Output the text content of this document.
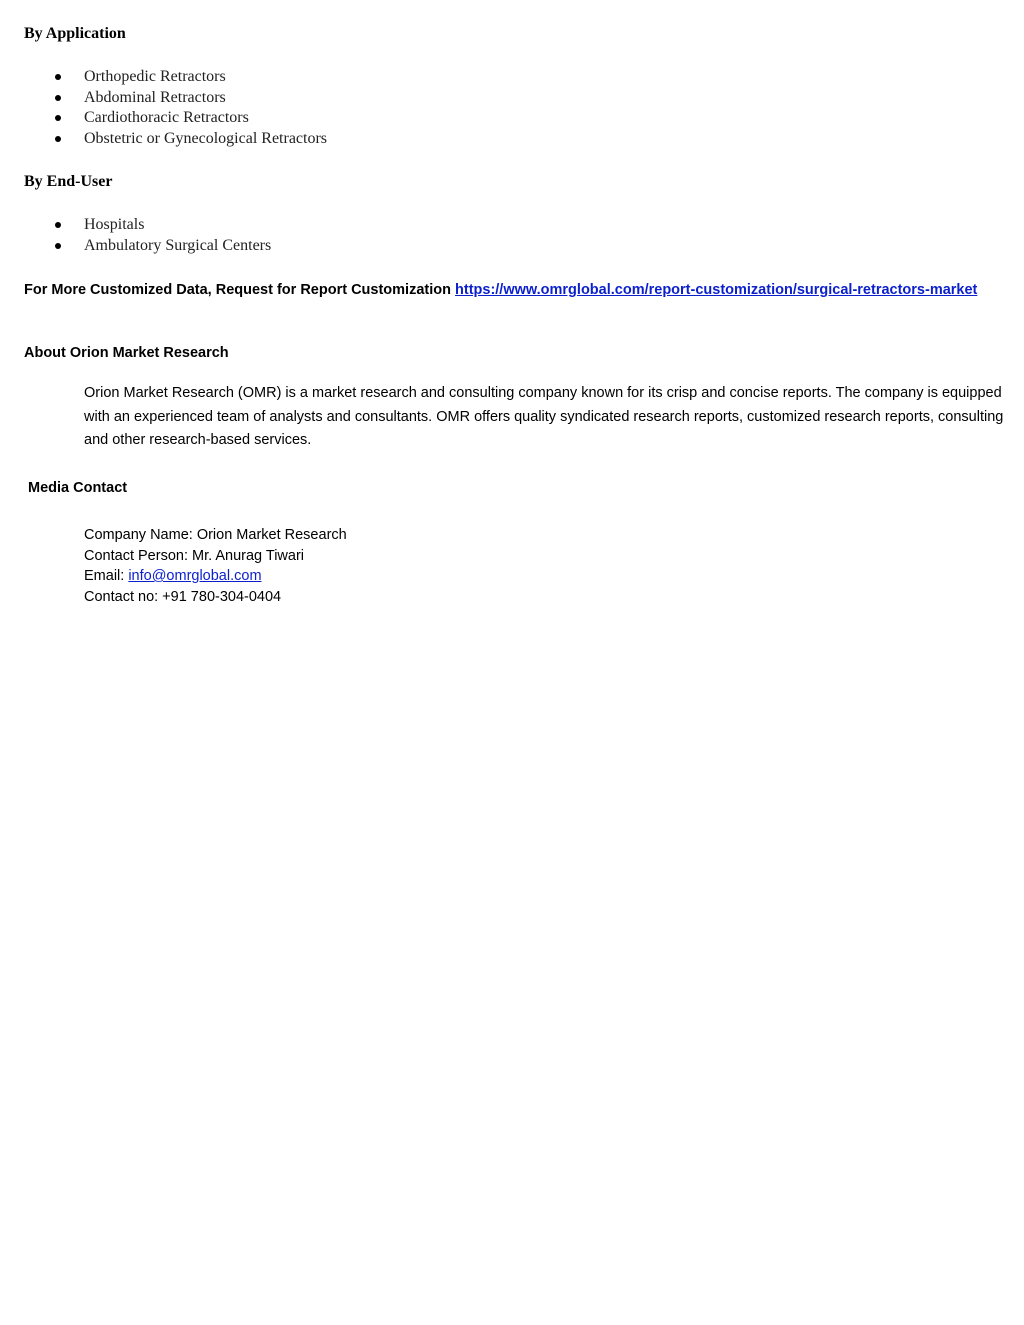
By Application
Orthopedic Retractors
Abdominal Retractors
Cardiothoracic Retractors
Obstetric or Gynecological Retractors
By End-User
Hospitals
Ambulatory Surgical Centers
For More Customized Data, Request for Report Customization https://www.omrglobal.com/report-customization/surgical-retractors-market
About Orion Market Research
Orion Market Research (OMR) is a market research and consulting company known for its crisp and concise reports. The company is equipped with an experienced team of analysts and consultants. OMR offers quality syndicated research reports, customized research reports, consulting and other research-based services.
Media Contact
Company Name: Orion Market Research
Contact Person: Mr. Anurag Tiwari
Email: info@omrglobal.com
Contact no: +91 780-304-0404
